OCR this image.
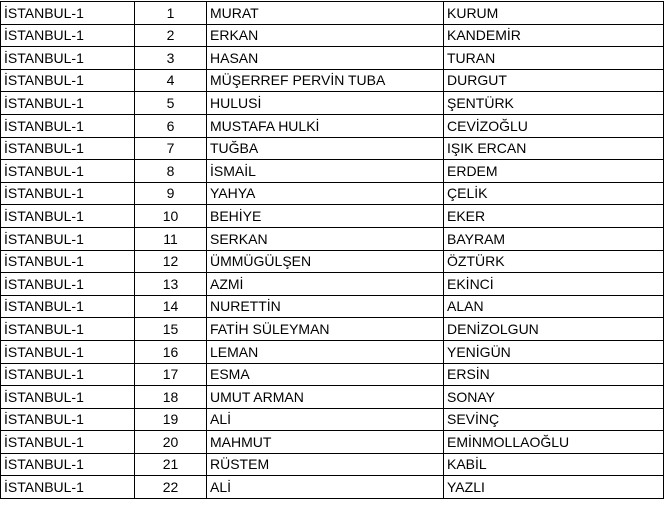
İSTANBUL-1	1	MURAT	KURUM
İSTANBUL-1	2	ERKAN	KANDEMİR
İSTANBUL-1	3	HASAN	TURAN
İSTANBUL-1	4	MÜŞERREF PERVİN TUBA	DURGUT
İSTANBUL-1	5	HULUSİ	ŞENTÜRK
İSTANBUL-1	6	MUSTAFA HULKİ	CEVİZOĞLU
İSTANBUL-1	7	TUĞBA	IŞIK ERCAN
İSTANBUL-1	8	İSMAİL	ERDEM
İSTANBUL-1	9	YAHYA	ÇELİK
İSTANBUL-1	10	BEHİYE	EKER
İSTANBUL-1	11	SERKAN	BAYRAM
İSTANBUL-1	12	ÜMMÜGÜLŞEN	ÖZTÜRK
İSTANBUL-1	13	AZMİ	EKİNCİ
İSTANBUL-1	14	NURETTİN	ALAN
İSTANBUL-1	15	FATİH SÜLEYMAN	DENİZOLGUN
İSTANBUL-1	16	LEMAN	YENİGÜN
İSTANBUL-1	17	ESMA	ERSİN
İSTANBUL-1	18	UMUT ARMAN	SONAY
İSTANBUL-1	19	ALİ	SEVİNÇ
İSTANBUL-1	20	MAHMUT	EMİNMOLLAOĞLU
İSTANBUL-1	21	RÜSTEM	KABİL
İSTANBUL-1	22	ALİ	YAZLI
